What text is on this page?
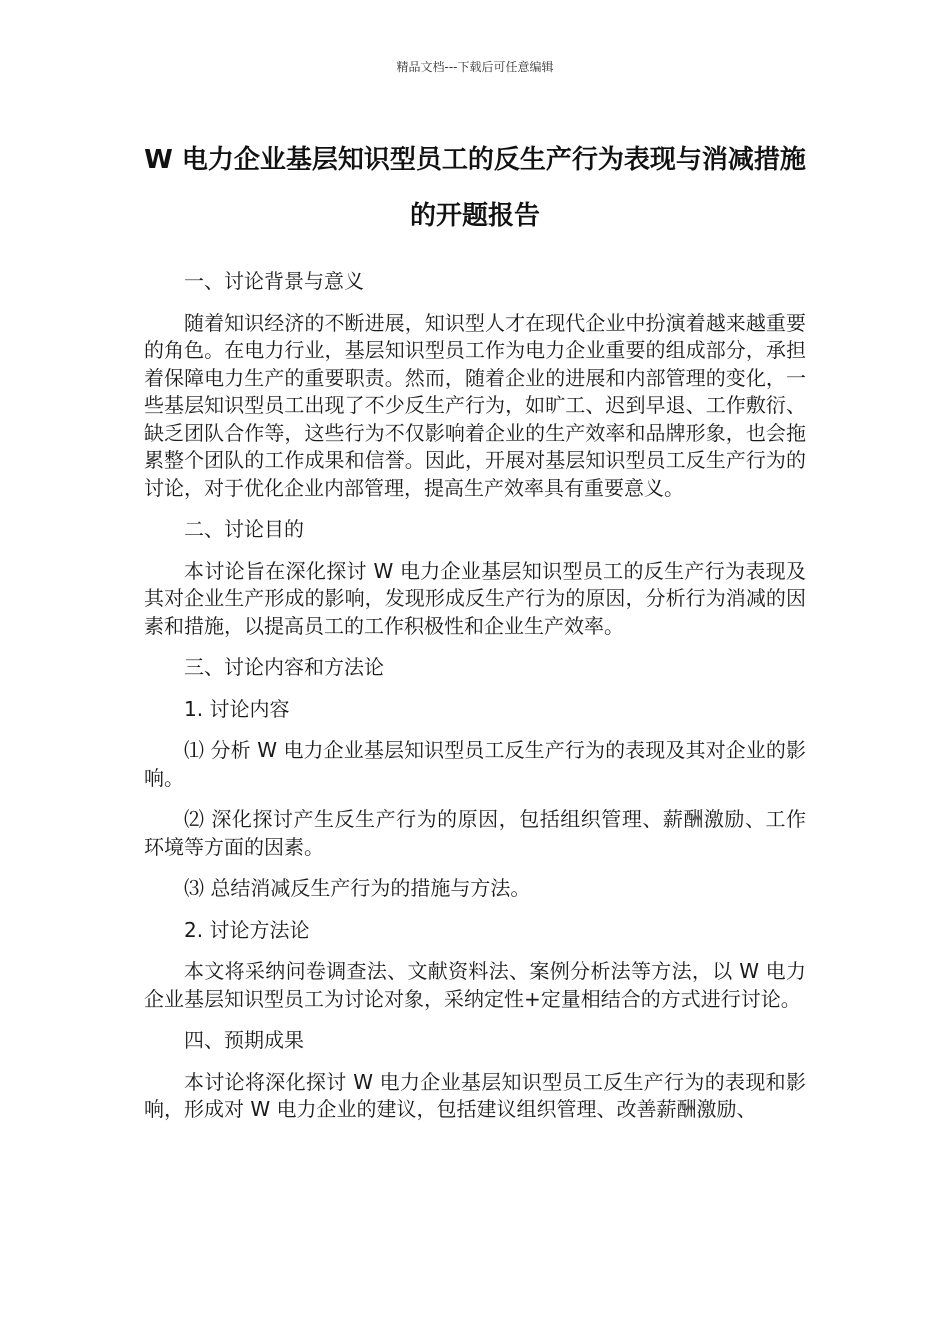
精品文档---下载后可任意编辑
W 电力企业基层知识型员工的反生产行为表现与消减措施的开题报告

一、讨论背景与意义

随着知识经济的不断进展，知识型人才在现代企业中扮演着越来越重要的角色。在电力行业，基层知识型员工作为电力企业重要的组成部分，承担着保障电力生产的重要职责。然而，随着企业的进展和内部管理的变化，一些基层知识型员工出现了不少反生产行为，如旷工、迟到早退、工作敷衍、缺乏团队合作等，这些行为不仅影响着企业的生产效率和品牌形象，也会拖累整个团队的工作成果和信誉。因此，开展对基层知识型员工反生产行为的讨论，对于优化企业内部管理，提高生产效率具有重要意义。

二、讨论目的

本讨论旨在深化探讨 W 电力企业基层知识型员工的反生产行为表现及其对企业生产形成的影响，发现形成反生产行为的原因，分析行为消减的因素和措施，以提高员工的工作积极性和企业生产效率。

三、讨论内容和方法论

1. 讨论内容

⑴ 分析 W 电力企业基层知识型员工反生产行为的表现及其对企业的影响。

⑵ 深化探讨产生反生产行为的原因，包括组织管理、薪酬激励、工作环境等方面的因素。

⑶ 总结消减反生产行为的措施与方法。

2. 讨论方法论

本文将采纳问卷调查法、文献资料法、案例分析法等方法，以 W 电力企业基层知识型员工为讨论对象，采纳定性+定量相结合的方式进行讨论。

四、预期成果

本讨论将深化探讨 W 电力企业基层知识型员工反生产行为的表现和影响，形成对 W 电力企业的建议，包括建议组织管理、改善薪酬激励、
